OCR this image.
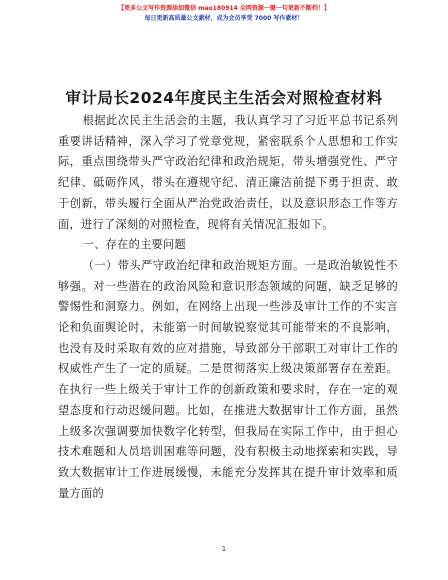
【更多公文写作资源添加微信 mao180914 全网资源一键一句更新不断档！】
每日更新高质量公文素材，成为会员享受 7000 写作素材！
审计局长2024年度民主生活会对照检查材料

根据此次民主生活会的主题，我认真学习了习近平总书记系列重要讲话精神，深入学习了党章党规，紧密联系个人思想和工作实际，重点围绕带头严守政治纪律和政治规矩，带头增强党性、严守纪律、砥砺作风，带头在遵规守纪、清正廉洁前提下勇于担责、敢于创新，带头履行全面从严治党政治责任，以及意识形态工作等方面，进行了深刻的对照检查，现将有关情况汇报如下。

一、存在的主要问题

（一）带头严守政治纪律和政治规矩方面。一是政治敏锐性不够强。对一些潜在的政治风险和意识形态领域的问题，缺乏足够的警惕性和洞察力。例如，在网络上出现一些涉及审计工作的不实言论和负面舆论时，未能第一时间敏锐察觉其可能带来的不良影响，也没有及时采取有效的应对措施，导致部分干部职工对审计工作的权威性产生了一定的质疑。二是贯彻落实上级决策部署存在差距。在执行一些上级关于审计工作的创新政策和要求时，存在一定的观望态度和行动迟缓问题。比如，在推进大数据审计工作方面，虽然上级多次强调要加快数字化转型，但我局在实际工作中，由于担心技术难题和人员培训困难等问题，没有积极主动地探索和实践，导致大数据审计工作进展缓慢，未能充分发挥其在提升审计效率和质量方面的

1
